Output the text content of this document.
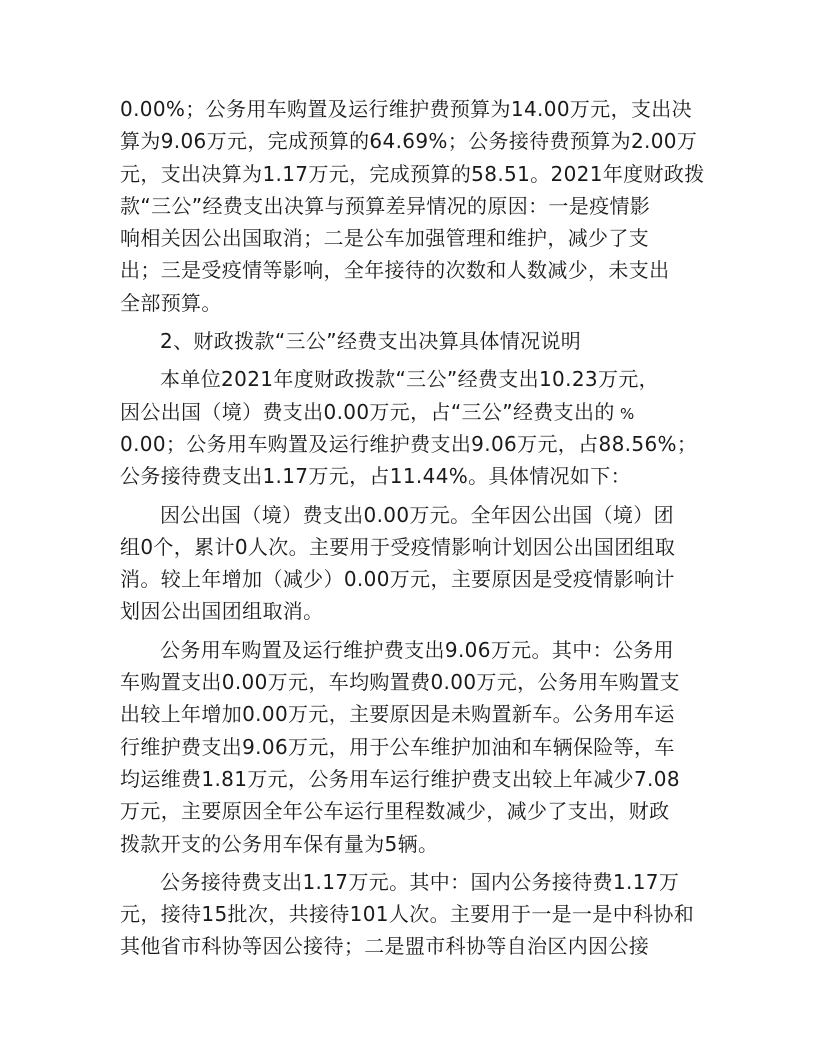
0.00%；公务用车购置及运行维护费预算为14.00万元，支出决
算为9.06万元，完成预算的64.69%；公务接待费预算为2.00万
元，支出决算为1.17万元，完成预算的58.51。2021年度财政拨
款“三公”经费支出决算与预算差异情况的原因：一是疫情影
响相关因公出国取消；二是公车加强管理和维护，减少了支
出；三是受疫情等影响，全年接待的次数和人数减少，未支出
全部预算。

2、财政拨款“三公”经费支出决算具体情况说明

本单位2021年度财政拨款“三公”经费支出10.23万元，
因公出国（境）费支出0.00万元，占“三公”经费支出的
0.00；公务用车购置及运行维护费支出9.06万元，占88.56%；
公务接待费支出1.17万元，占11.44%。具体情况如下：
%

因公出国（境）费支出0.00万元。全年因公出国（境）团
组0个，累计0人次。主要用于受疫情影响计划因公出国团组取
消。较上年增加（减少）0.00万元，主要原因是受疫情影响计
划因公出国团组取消。

公务用车购置及运行维护费支出9.06万元。其中：公务用
车购置支出0.00万元，车均购置费0.00万元，公务用车购置支
出较上年增加0.00万元，主要原因是未购置新车。公务用车运
行维护费支出9.06万元，用于公车维护加油和车辆保险等，车
均运维费1.81万元，公务用车运行维护费支出较上年减少7.08
万元，主要原因全年公车运行里程数减少，减少了支出，财政
拨款开支的公务用车保有量为5辆。

公务接待费支出1.17万元。其中：国内公务接待费1.17万
元，接待15批次，共接待101人次。主要用于一是一是中科协和
其他省市科协等因公接待；二是盟市科协等自治区内因公接
